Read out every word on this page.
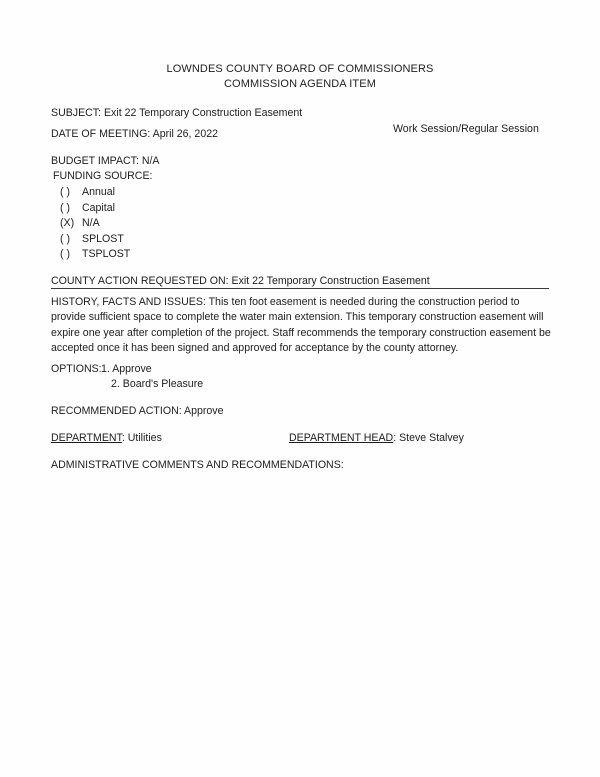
LOWNDES COUNTY BOARD OF COMMISSIONERS
COMMISSION AGENDA ITEM
SUBJECT: Exit 22 Temporary Construction Easement
DATE OF MEETING: April 26, 2022	Work Session/Regular Session
BUDGET IMPACT: N/A
FUNDING SOURCE:
( ) Annual
( ) Capital
(X) N/A
( ) SPLOST
( ) TSPLOST
COUNTY ACTION REQUESTED ON: Exit 22 Temporary Construction Easement
HISTORY, FACTS AND ISSUES: This ten foot easement is needed during the construction period to provide sufficient space to complete the water main extension. This temporary construction easement will expire one year after completion of the project. Staff recommends the temporary construction easement be accepted once it has been signed and approved for acceptance by the county attorney.
OPTIONS: 1. Approve
2. Board's Pleasure
RECOMMENDED ACTION: Approve
DEPARTMENT: Utilities	DEPARTMENT HEAD: Steve Stalvey
ADMINISTRATIVE COMMENTS AND RECOMMENDATIONS:
